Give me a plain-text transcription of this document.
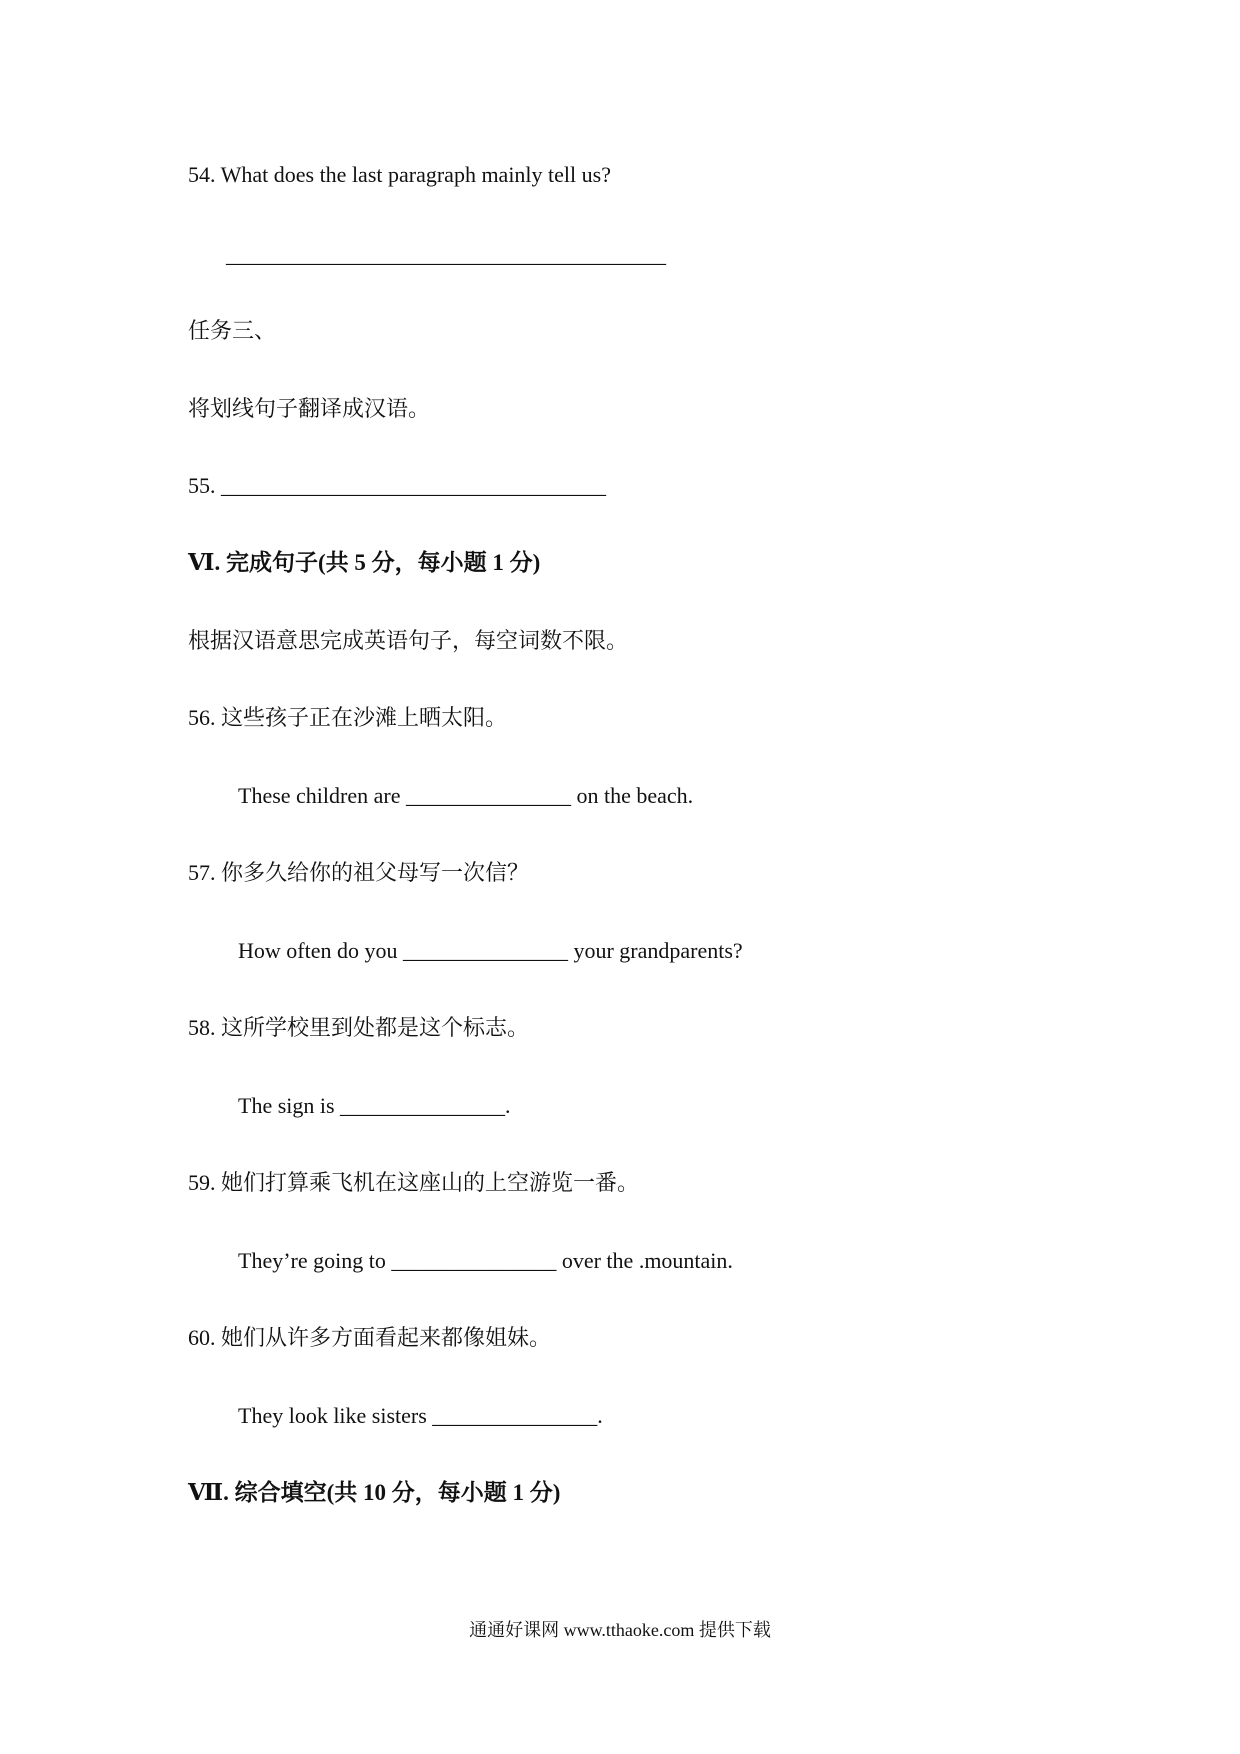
54. What does the last paragraph mainly tell us?
________________________________________
任务三、
将划线句子翻译成汉语。
55. ___________________________________
Ⅵ. 完成句子(共 5 分，每小题 1 分)
根据汉语意思完成英语句子，每空词数不限。
56. 这些孩子正在沙滩上晒太阳。
These children are _______________ on the beach.
57. 你多久给你的祖父母写一次信？
How often do you _______________ your grandparents?
58. 这所学校里到处都是这个标志。
The sign is _______________.
59. 她们打算乘飞机在这座山的上空游览一番。
They’re going to _______________ over the .mountain.
60. 她们从许多方面看起来都像姐妹。
They look like sisters _______________.
Ⅶ. 综合填空(共 10 分，每小题 1 分)
通通好课网 www.tthaoke.com 提供下载
